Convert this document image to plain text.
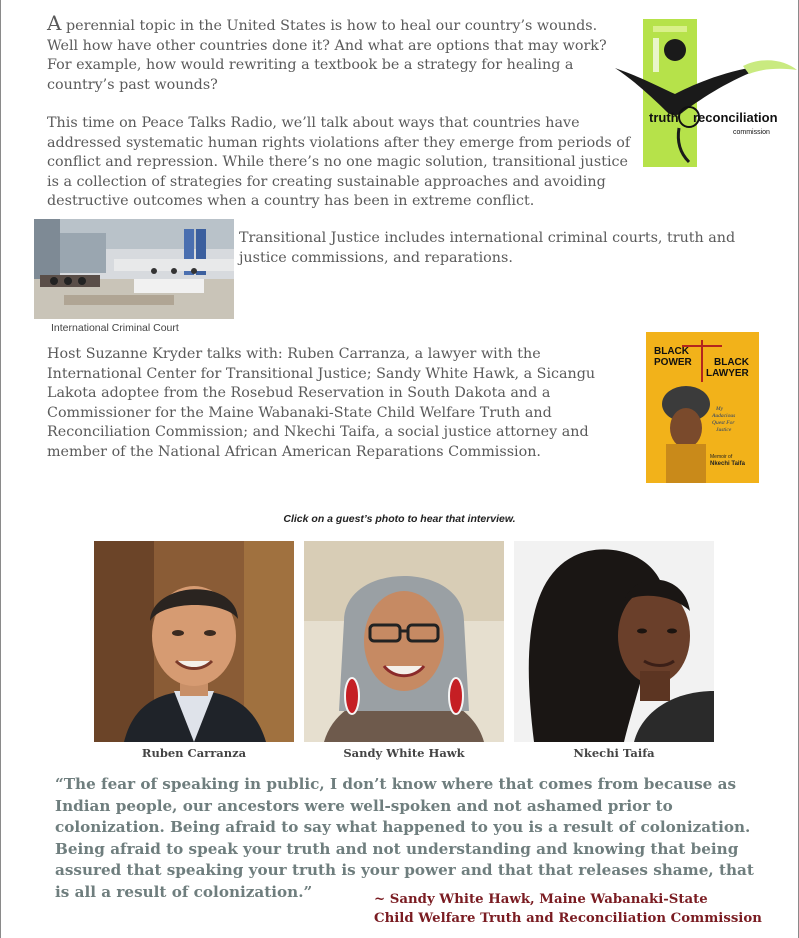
A perennial topic in the United States is how to heal our country’s wounds. Well how have other countries done it? And what are options that may work? For example, how would rewriting a textbook be a strategy for healing a country’s past wounds?

truth reconciliation
commission

This time on Peace Talks Radio, we’ll talk about ways that countries have addressed systematic human rights violations after they emerge from periods of conflict and repression. While there’s no one magic solution, transitional justice is a collection of strategies for creating sustainable approaches and avoiding destructive outcomes when a country has been in extreme conflict.

International Criminal Court

Transitional Justice includes international criminal courts, truth and justice commissions, and reparations.

Host Suzanne Kryder talks with: Ruben Carranza, a lawyer with the International Center for Transitional Justice; Sandy White Hawk, a Sicangu Lakota adoptee from the Rosebud Reservation in South Dakota and a Commissioner for the Maine Wabanaki-State Child Welfare Truth and Reconciliation Commission; and Nkechi Taifa, a social justice attorney and member of the National African American Reparations Commission.

BLACK
POWER BLACK
LAWYER
My
Audacious
Quest For
Justice
Memoir of
Nkechi Taifa
Click on a guest’s photo to hear that interview.
Ruben Carranza	Sandy White Hawk	Nkechi Taifa

“The fear of speaking in public, I don’t know where that comes from because as Indian people, our ancestors were well-spoken and not ashamed prior to colonization. Being afraid to say what happened to you is a result of colonization. Being afraid to speak your truth and not understanding and knowing that being assured that speaking your truth is your power and that that releases shame, that is all a result of colonization.”	~ Sandy White Hawk, Maine Wabanaki-State
Child Welfare Truth and Reconciliation Commission
